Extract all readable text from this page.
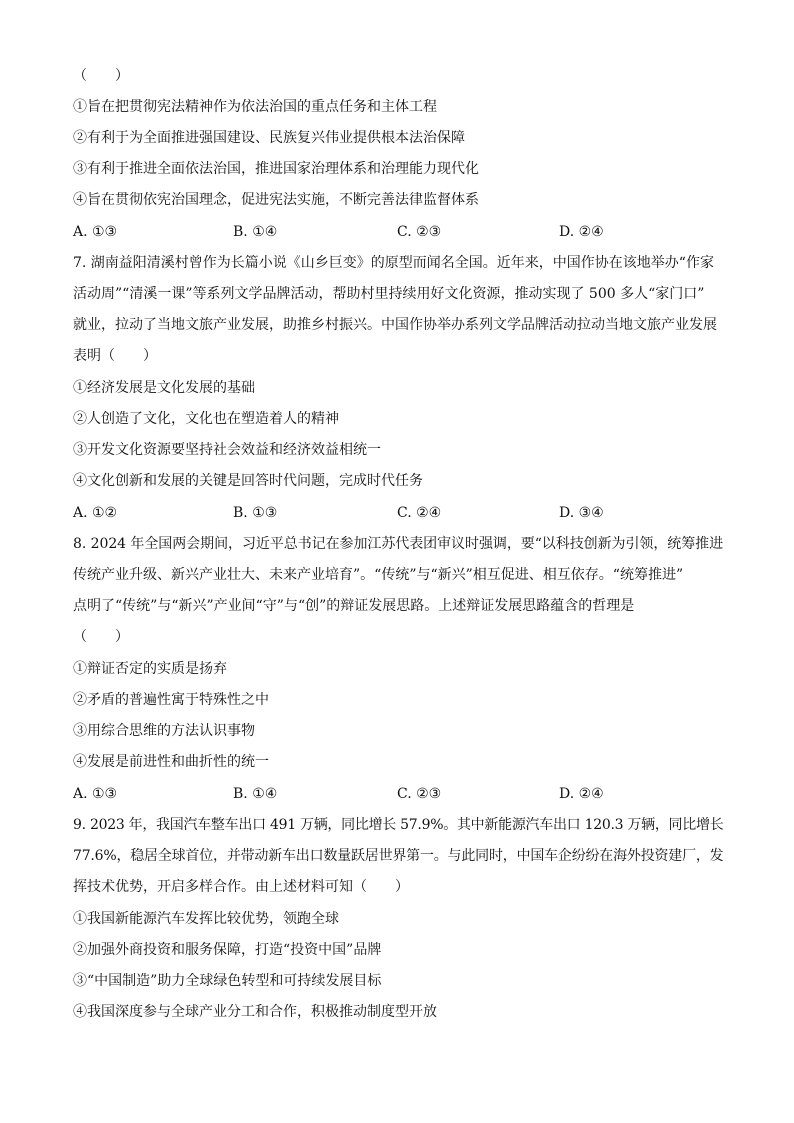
（　　）
①旨在把贯彻宪法精神作为依法治国的重点任务和主体工程
②有利于为全面推进强国建设、民族复兴伟业提供根本法治保障
③有利于推进全面依法治国，推进国家治理体系和治理能力现代化
④旨在贯彻依宪治国理念，促进宪法实施，不断完善法律监督体系
A. ①③	B. ①④	C. ②③	D. ②④
7. 湖南益阳清溪村曾作为长篇小说《山乡巨变》的原型而闻名全国。近年来，中国作协在该地举办“作家
活动周”“清溪一课”等系列文学品牌活动，帮助村里持续用好文化资源，推动实现了 500 多人“家门口”
就业，拉动了当地文旅产业发展，助推乡村振兴。中国作协举办系列文学品牌活动拉动当地文旅产业发展
表明（　　）
①经济发展是文化发展的基础
②人创造了文化，文化也在塑造着人的精神
③开发文化资源要坚持社会效益和经济效益相统一
④文化创新和发展的关键是回答时代问题，完成时代任务
A. ①②	B. ①③	C. ②④	D. ③④
8. 2024 年全国两会期间，习近平总书记在参加江苏代表团审议时强调，要“以科技创新为引领，统筹推进
传统产业升级、新兴产业壮大、未来产业培育”。“传统”与“新兴”相互促进、相互依存。“统筹推进”
点明了“传统”与“新兴”产业间“守”与“创”的辩证发展思路。上述辩证发展思路蕴含的哲理是
（　　）
①辩证否定的实质是扬弃
②矛盾的普遍性寓于特殊性之中
③用综合思维的方法认识事物
④发展是前进性和曲折性的统一
A. ①③	B. ①④	C. ②③	D. ②④
9. 2023 年，我国汽车整车出口 491 万辆，同比增长 57.9%。其中新能源汽车出口 120.3 万辆，同比增长
77.6%，稳居全球首位，并带动新车出口数量跃居世界第一。与此同时，中国车企纷纷在海外投资建厂，发
挥技术优势，开启多样合作。由上述材料可知（　　）
①我国新能源汽车发挥比较优势，领跑全球
②加强外商投资和服务保障，打造“投资中国”品牌
③“中国制造”助力全球绿色转型和可持续发展目标
④我国深度参与全球产业分工和合作，积极推动制度型开放
